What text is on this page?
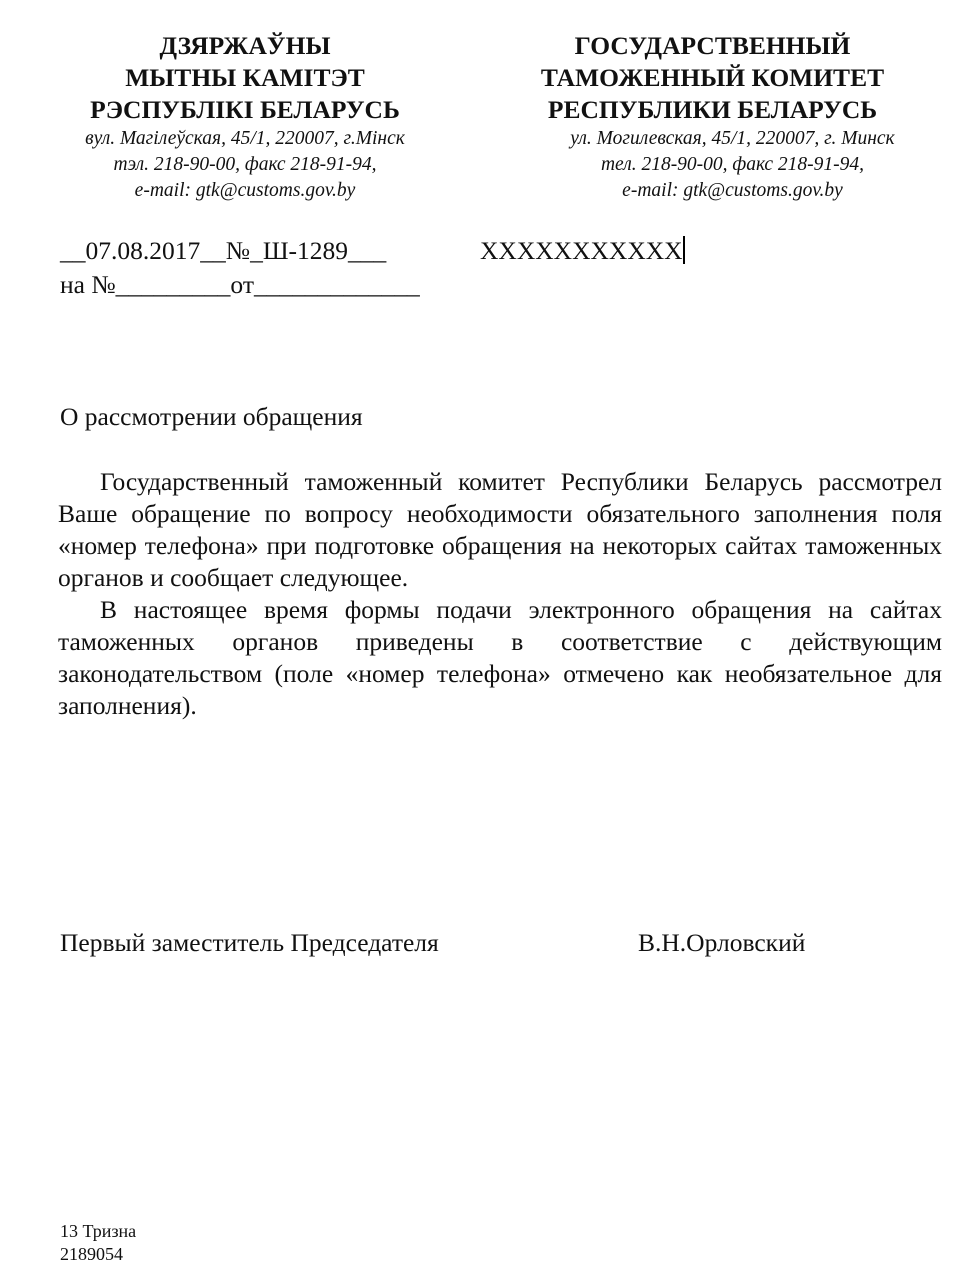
ДЗЯРЖАЎНЫ
МЫТНЫ КАМІТЭТ
РЭСПУБЛІКІ БЕЛАРУСЬ
вул. Магілеўская, 45/1, 220007, г.Мінск
тэл. 218-90-00, факс 218-91-94,
e-mail: gtk@customs.gov.by
ГОСУДАРСТВЕННЫЙ
ТАМОЖЕННЫЙ КОМИТЕТ
РЕСПУБЛИКИ БЕЛАРУСЬ
ул. Могилевская, 45/1, 220007, г. Минск
тел. 218-90-00, факс 218-91-94,
e-mail: gtk@customs.gov.by
__07.08.2017__№_Ш-1289___
на №_________от_____________
XXXXXXXXXXX
О рассмотрении обращения

Государственный таможенный комитет Республики Беларусь рассмотрел Ваше обращение по вопросу необходимости обязательного заполнения поля «номер телефона» при подготовке обращения на некоторых сайтах таможенных органов и сообщает следующее.

В настоящее время формы подачи электронного обращения на сайтах таможенных органов приведены в соответствие с действующим законодательством (поле «номер телефона» отмечено как необязательное для заполнения).

Первый заместитель Председателя	В.Н.Орловский
13 Тризна
2189054
